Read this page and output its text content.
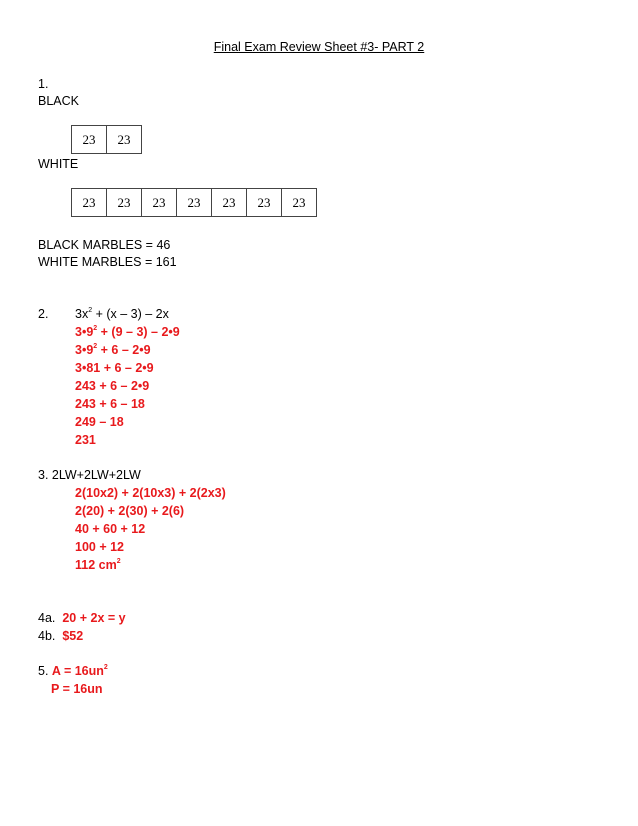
Final Exam Review Sheet #3- PART 2
1.
BLACK
23	23
WHITE
23	23	23	23	23	23	23
BLACK MARBLES = 46
WHITE MARBLES = 161
2. $3x^2 + (x - 3) - 2x$
$3•9^2 + (9 - 3)$ – 2•9
$3•9^2 + 6$ – 2•9
3•81 + 6 – 2•9
243 + 6 – 2•9
243 + 6 – 18
249 – 18
231
3. 2LW+2LW+2LW
2(10x2) + 2(10x3) + 2(2x3)
2(20) + 2(30) + 2(6)
40 + 60 + 12
100 + 12
112 $cm^2$
4a. 20 + 2x = y
4b. $52
5. $A = 16un^2$
P = 16un
